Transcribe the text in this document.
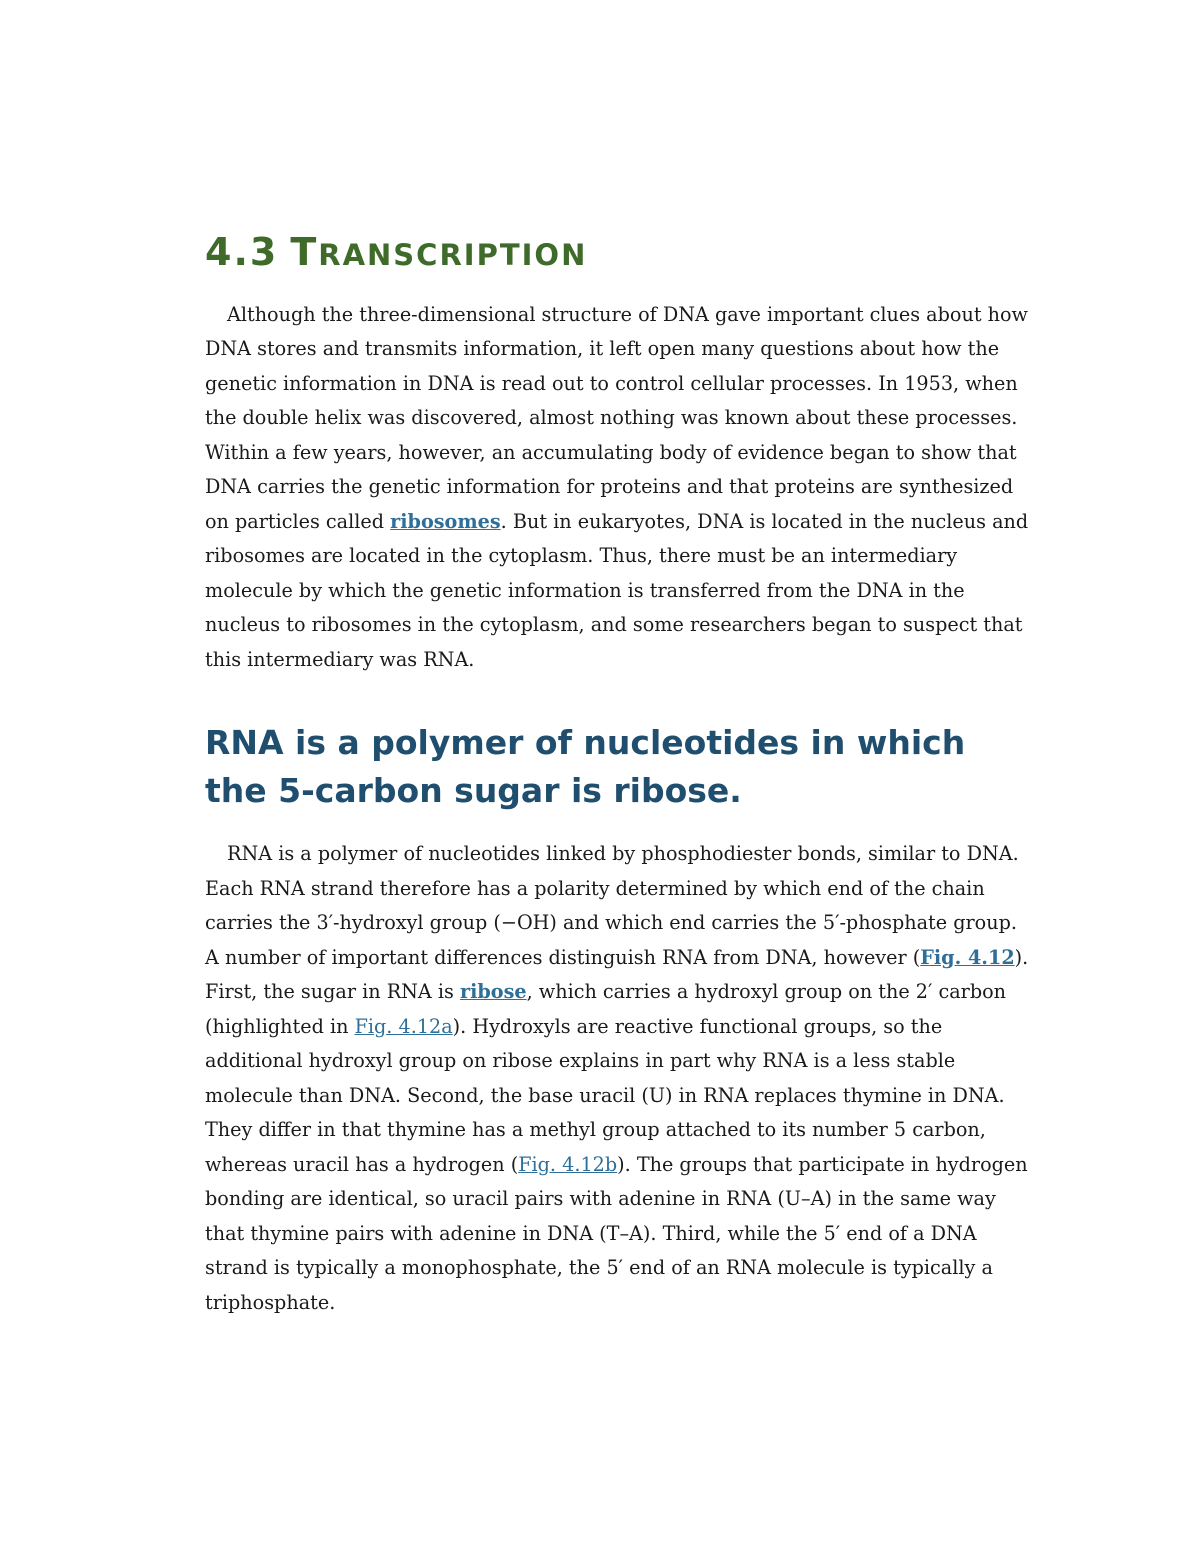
4.3 TRANSCRIPTION

Although the three-dimensional structure of DNA gave important clues about how DNA stores and transmits information, it left open many questions about how the genetic information in DNA is read out to control cellular processes. In 1953, when the double helix was discovered, almost nothing was known about these processes. Within a few years, however, an accumulating body of evidence began to show that DNA carries the genetic information for proteins and that proteins are synthesized on particles called ribosomes. But in eukaryotes, DNA is located in the nucleus and ribosomes are located in the cytoplasm. Thus, there must be an intermediary molecule by which the genetic information is transferred from the DNA in the nucleus to ribosomes in the cytoplasm, and some researchers began to suspect that this intermediary was RNA.

RNA is a polymer of nucleotides in which the 5-carbon sugar is ribose.

RNA is a polymer of nucleotides linked by phosphodiester bonds, similar to DNA. Each RNA strand therefore has a polarity determined by which end of the chain carries the 3′-hydroxyl group (−OH) and which end carries the 5′-phosphate group. A number of important differences distinguish RNA from DNA, however (Fig. 4.12). First, the sugar in RNA is ribose, which carries a hydroxyl group on the 2′ carbon (highlighted in Fig. 4.12a). Hydroxyls are reactive functional groups, so the additional hydroxyl group on ribose explains in part why RNA is a less stable molecule than DNA. Second, the base uracil (U) in RNA replaces thymine in DNA. They differ in that thymine has a methyl group attached to its number 5 carbon, whereas uracil has a hydrogen (Fig. 4.12b). The groups that participate in hydrogen bonding are identical, so uracil pairs with adenine in RNA (U–A) in the same way that thymine pairs with adenine in DNA (T–A). Third, while the 5′ end of a DNA strand is typically a monophosphate, the 5′ end of an RNA molecule is typically a triphosphate.
